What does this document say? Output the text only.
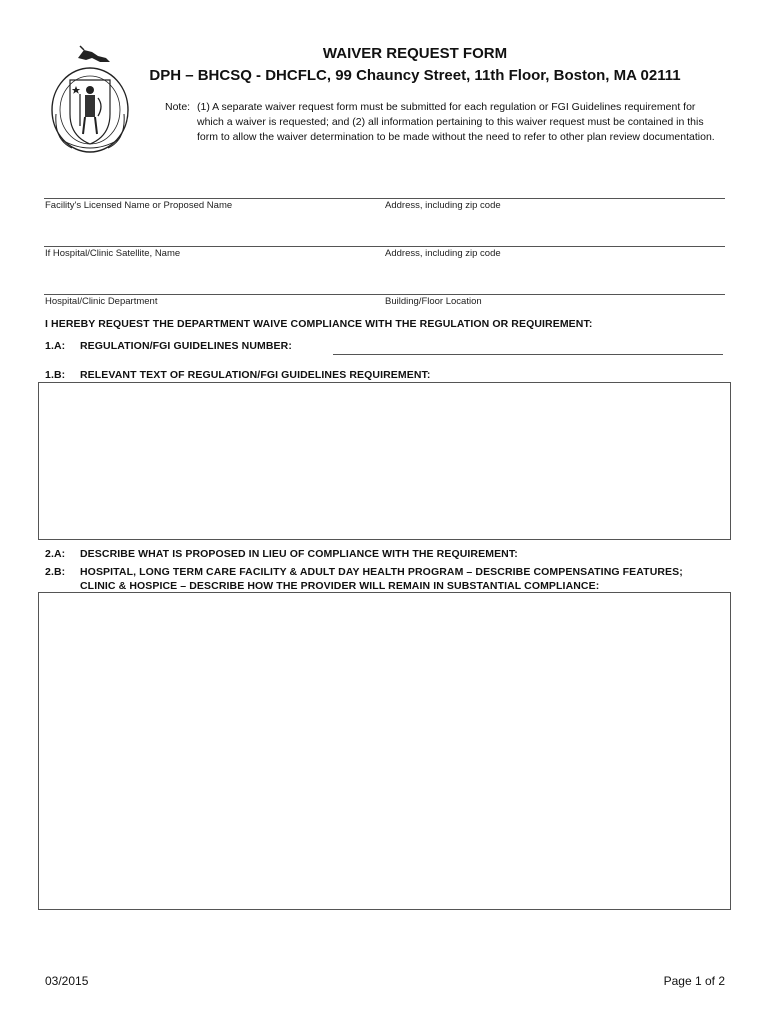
WAIVER REQUEST FORM
DPH – BHCSQ - DHCFLC, 99 Chauncy Street, 11th Floor, Boston, MA 02111
Note: (1) A separate waiver request form must be submitted for each regulation or FGI Guidelines requirement for which a waiver is requested; and (2) all information pertaining to this waiver request must be contained in this form to allow the waiver determination to be made without the need to refer to other plan review documentation.
Facility's Licensed Name or Proposed Name	Address, including zip code
If Hospital/Clinic Satellite, Name	Address, including zip code
Hospital/Clinic Department	Building/Floor Location
I HEREBY REQUEST THE DEPARTMENT WAIVE COMPLIANCE WITH THE REGULATION OR REQUIREMENT:
1.A: REGULATION/FGI GUIDELINES NUMBER:
1.B: RELEVANT TEXT OF REGULATION/FGI GUIDELINES REQUIREMENT:
2.A: DESCRIBE WHAT IS PROPOSED IN LIEU OF COMPLIANCE WITH THE REQUIREMENT:
2.B: HOSPITAL, LONG TERM CARE FACILITY & ADULT DAY HEALTH PROGRAM – DESCRIBE COMPENSATING FEATURES;
CLINIC & HOSPICE – DESCRIBE HOW THE PROVIDER WILL REMAIN IN SUBSTANTIAL COMPLIANCE:
03/2015	Page 1 of 2
